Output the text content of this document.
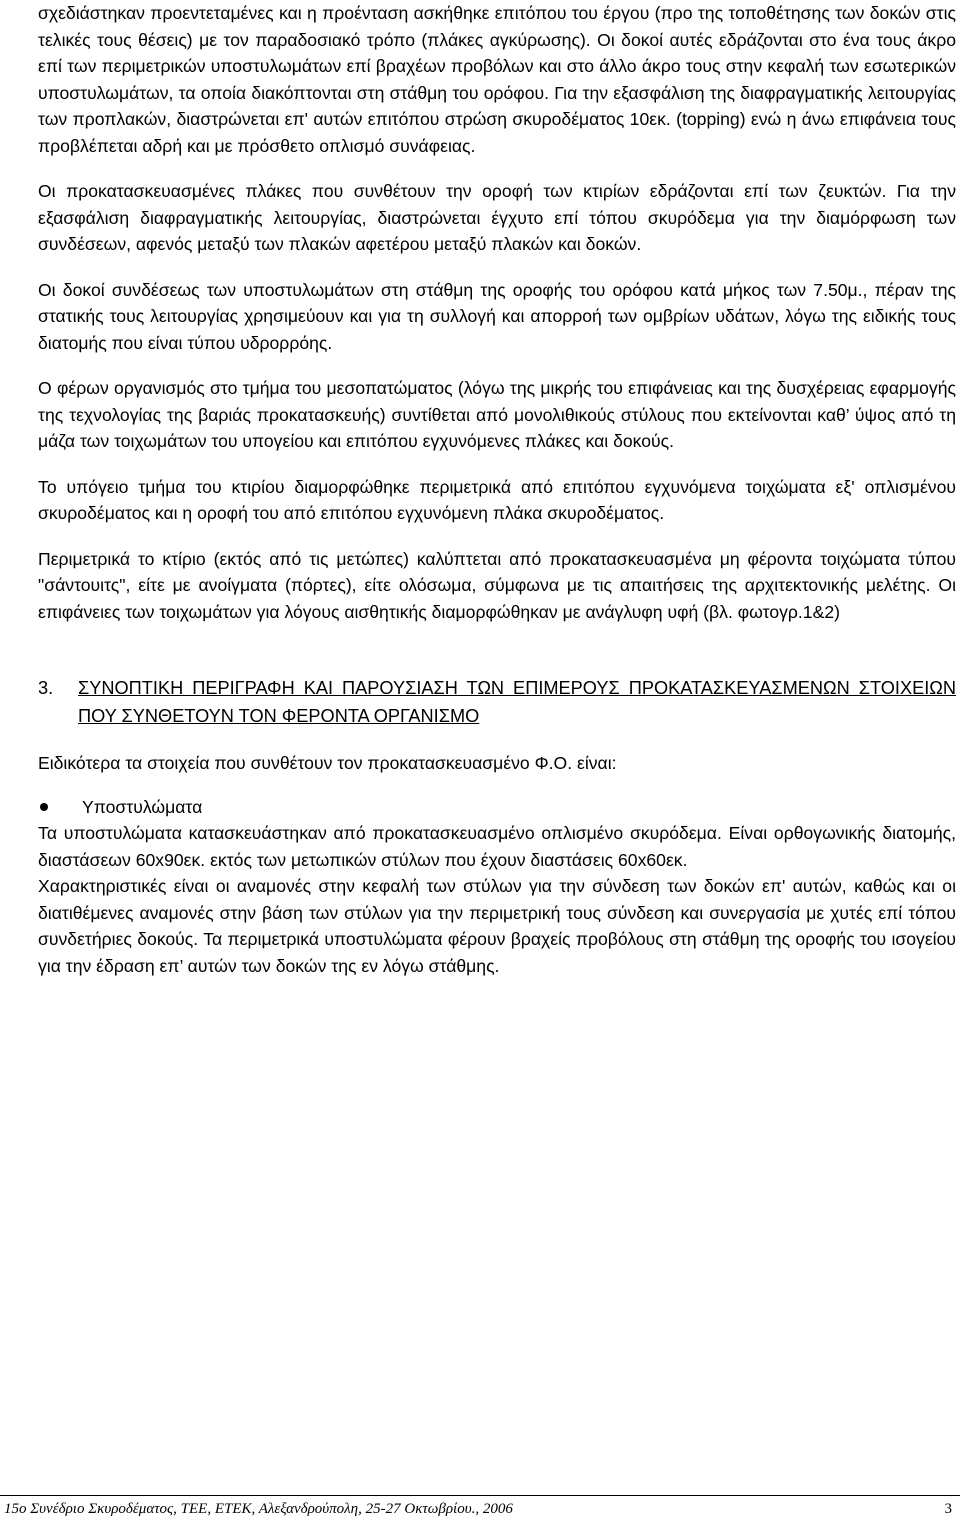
σχεδιάστηκαν προεντεταμένες και η προένταση ασκήθηκε επιτόπου του έργου (προ της τοποθέτησης των δοκών στις τελικές τους θέσεις) με τον παραδοσιακό τρόπο (πλάκες αγκύρωσης). Οι δοκοί αυτές εδράζονται στο ένα τους άκρο επί των περιμετρικών υποστυλωμάτων επί βραχέων προβόλων και στο άλλο άκρο τους στην κεφαλή των εσωτερικών υποστυλωμάτων, τα οποία διακόπτονται στη στάθμη του ορόφου. Για την εξασφάλιση της διαφραγματικής λειτουργίας των προπλακών, διαστρώνεται επ' αυτών επιτόπου στρώση σκυροδέματος 10εκ. (topping) ενώ η άνω επιφάνεια τους προβλέπεται αδρή και με πρόσθετο οπλισμό συνάφειας.

Οι προκατασκευασμένες πλάκες που συνθέτουν την οροφή των κτιρίων εδράζονται επί των ζευκτών. Για την εξασφάλιση διαφραγματικής λειτουργίας, διαστρώνεται έγχυτο επί τόπου σκυρόδεμα για την διαμόρφωση των συνδέσεων, αφενός μεταξύ των πλακών αφετέρου μεταξύ πλακών και δοκών.

Οι δοκοί συνδέσεως των υποστυλωμάτων στη στάθμη της οροφής του ορόφου κατά μήκος των 7.50μ., πέραν της στατικής τους λειτουργίας χρησιμεύουν και για τη συλλογή και απορροή των ομβρίων υδάτων, λόγω της ειδικής τους διατομής που είναι τύπου υδρορρόης.

Ο φέρων οργανισμός στο τμήμα του μεσοπατώματος (λόγω της μικρής του επιφάνειας και της δυσχέρειας εφαρμογής της τεχνολογίας της βαριάς προκατασκευής) συντίθεται από μονολιθικούς στύλους που εκτείνονται καθ’ ύψος από τη μάζα των τοιχωμάτων του υπογείου και επιτόπου εγχυνόμενες πλάκες και δοκούς.

Το υπόγειο τμήμα του κτιρίου διαμορφώθηκε περιμετρικά από επιτόπου εγχυνόμενα τοιχώματα εξ' οπλισμένου σκυροδέματος και η οροφή του από επιτόπου εγχυνόμενη πλάκα σκυροδέματος.

Περιμετρικά το κτίριο (εκτός από τις μετώπες) καλύπτεται από προκατασκευασμένα μη φέροντα τοιχώματα τύπου "σάντουιτς", είτε με ανοίγματα (πόρτες), είτε ολόσωμα, σύμφωνα με τις απαιτήσεις της αρχιτεκτονικής μελέτης. Οι επιφάνειες των τοιχωμάτων για λόγους αισθητικής διαμορφώθηκαν με ανάγλυφη υφή (βλ. φωτογρ.1&2)

3.	ΣΥΝΟΠΤΙΚΗ ΠΕΡΙΓΡΑΦΗ ΚΑΙ ΠΑΡΟΥΣΙΑΣΗ ΤΩΝ ΕΠΙΜΕΡΟΥΣ ΠΡΟΚΑΤΑΣΚΕΥΑΣΜΕΝΩΝ ΣΤΟΙΧΕΙΩΝ ΠΟΥ ΣΥΝΘΕΤΟΥΝ ΤΟΝ ΦΕΡΟΝΤΑ ΟΡΓΑΝΙΣΜΟ

Ειδικότερα τα στοιχεία που συνθέτουν τον προκατασκευασμένο Φ.Ο. είναι:

Υποστυλώματα

Τα υποστυλώματα κατασκευάστηκαν από προκατασκευασμένο οπλισμένο σκυρόδεμα. Είναι ορθογωνικής διατομής, διαστάσεων 60x90εκ. εκτός των μετωπικών στύλων που έχουν διαστάσεις 60x60εκ.

Χαρακτηριστικές είναι οι αναμονές στην κεφαλή των στύλων για την σύνδεση των δοκών επ' αυτών, καθώς και οι διατιθέμενες αναμονές στην βάση των στύλων για την περιμετρική τους σύνδεση και συνεργασία με χυτές επί τόπου συνδετήριες δοκούς. Τα περιμετρικά υποστυλώματα φέρουν βραχείς προβόλους στη στάθμη της οροφής του ισογείου για την έδραση επ’ αυτών των δοκών της εν λόγω στάθμης.

15ο Συνέδριο Σκυροδέματος, ΤΕΕ, ΕΤΕΚ, Αλεξανδρούπολη, 25-27 Οκτωβρίου., 2006	3
